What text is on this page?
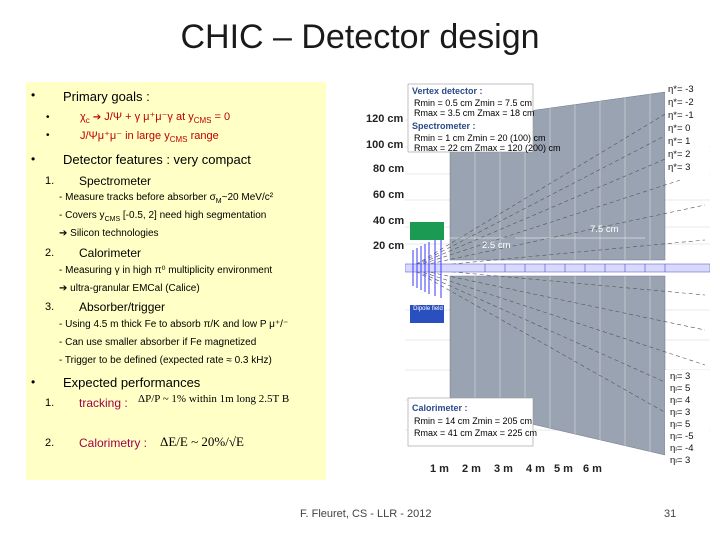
CHIC – Detector design
• Primary goals :
•	$\chi_c$ ➔ J/Ψ + γ μ⁺μ⁻γ at $y_{CMS} = 0$
•	J/Ψμ⁺μ⁻ in large $y_{CMS}$ range
• Detector features : very compact
1. Spectrometer
- Measure tracks before absorber $\sigma_M\sim 20$ MeV/c²
- Covers $y_{CMS}$ [-0.5, 2] need high segmentation
➔ Silicon technologies
2. Calorimeter
- Measuring γ in high π⁰ multiplicity environment
➔ ultra-granular EMCal (Calice)
3. Absorber/trigger
- Using 4.5 m thick Fe to absorb π/K and low P μ⁺/⁻
- Can use smaller absorber if Fe magnetized
- Trigger to be defined (expected rate ≈ 0.3 kHz)
• Expected performances
1. tracking : ΔP/P ~ 1% within 1m long 2.5T B
2. Calorimetry : ΔE/E ~ 20%/√E
120 cm
100 cm
80 cm
60 cm
40 cm
20 cm
1 m 2 m 3 m 4 m 5 m 6 m
Vertex detector :
Rmin = 0.5 cm Zmin = 7.5 cm
Rmax = 3.5 cm Zmax = 18 cm
Spectrometer :
Rmin = 1 cm Zmin = 20 (100) cm
Rmax = 22 cm Zmax = 120 (200) cm
Calorimeter :
Rmin = 14 cm Zmin = 205 cm
Rmax = 41 cm Zmax = 225 cm
2.5 cm
7.5 cm
Dipole field
η*= -3
η*= -2
η*= -1
η*= 0
η*= 1
η*= 2
η*= 3
ηₗ= 3
ηₗ= 5
ηₗ= 4
ηₗ= 3
ηₗ= 5
ηₗ= -5
ηₗ= -4
ηₗ= 3
F. Fleuret, CS - LLR - 2012	31
